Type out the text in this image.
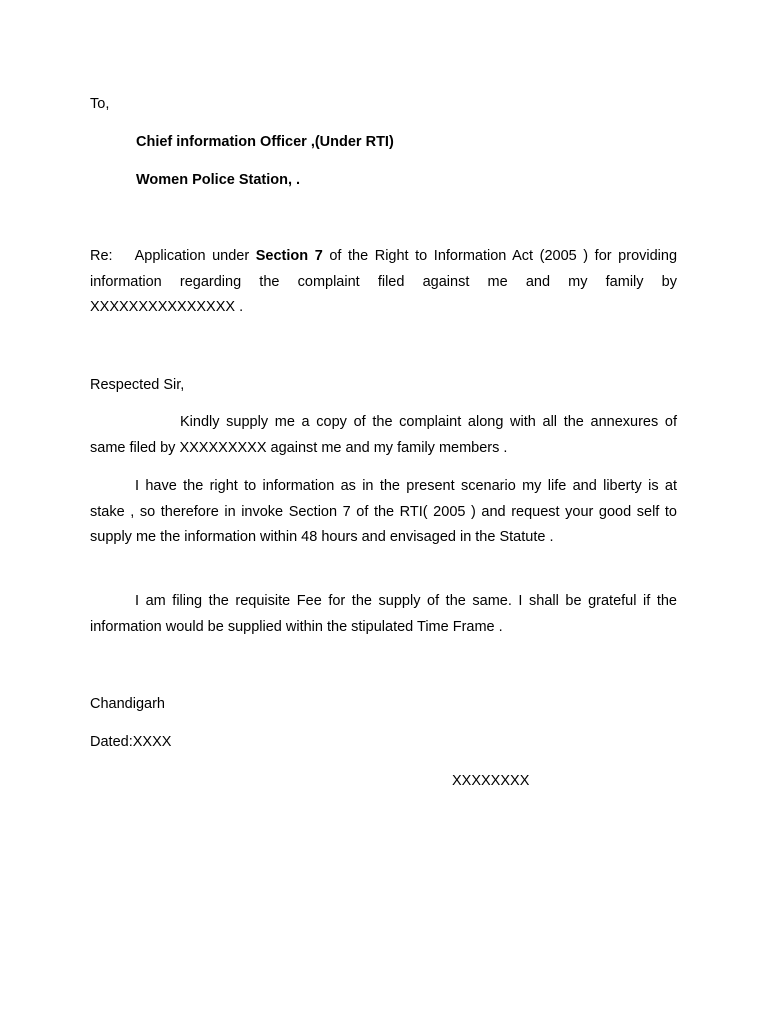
To,
Chief information Officer ,(Under RTI)
Women Police Station, .
Re: Application under Section 7 of the Right to Information Act (2005 ) for providing information regarding the complaint filed against me and my family by XXXXXXXXXXXXXXX .
Respected Sir,
Kindly supply me a copy of the complaint along with all the annexures of same filed by XXXXXXXXX against me and my family members .
I have the right to information as in the present scenario my life and liberty is at stake , so therefore in invoke Section 7 of the RTI( 2005 ) and request your good self to supply me the information within 48 hours and envisaged in the Statute .
I am filing the requisite Fee for the supply of the same. I shall be grateful if the information would be supplied within the stipulated Time Frame .
Chandigarh
Dated:XXXX
XXXXXXXX
